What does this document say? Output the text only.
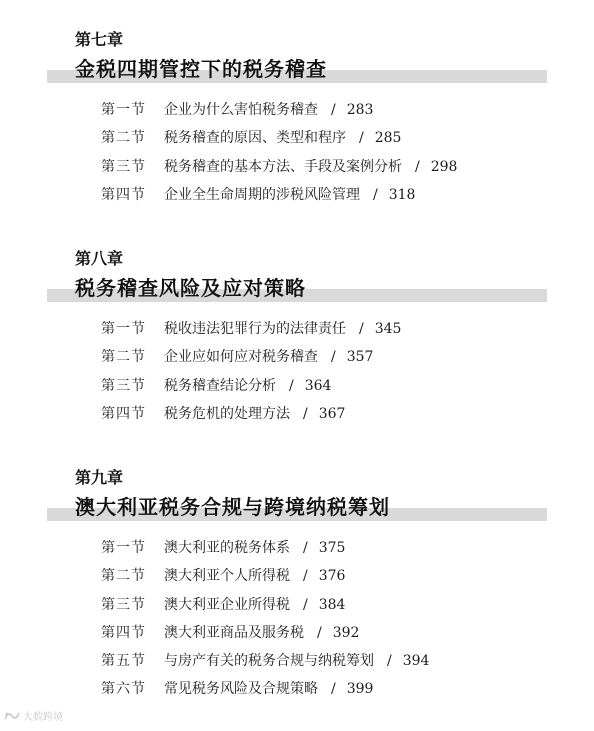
第七章
金税四期管控下的税务稽查
第一节 企业为什么害怕税务稽查 / 283
第二节 税务稽查的原因、类型和程序 / 285
第三节 税务稽查的基本方法、手段及案例分析 / 298
第四节 企业全生命周期的涉税风险管理 / 318
第八章
税务稽查风险及应对策略
第一节 税收违法犯罪行为的法律责任 / 345
第二节 企业应如何应对税务稽查 / 357
第三节 税务稽查结论分析 / 364
第四节 税务危机的处理方法 / 367
第九章
澳大利亚税务合规与跨境纳税筹划
第一节 澳大利亚的税务体系 / 375
第二节 澳大利亚个人所得税 / 376
第三节 澳大利亚企业所得税 / 384
第四节 澳大利亚商品及服务税 / 392
第五节 与房产有关的税务合规与纳税筹划 / 394
第六节 常见税务风险及合规策略 / 399
大数跨境
